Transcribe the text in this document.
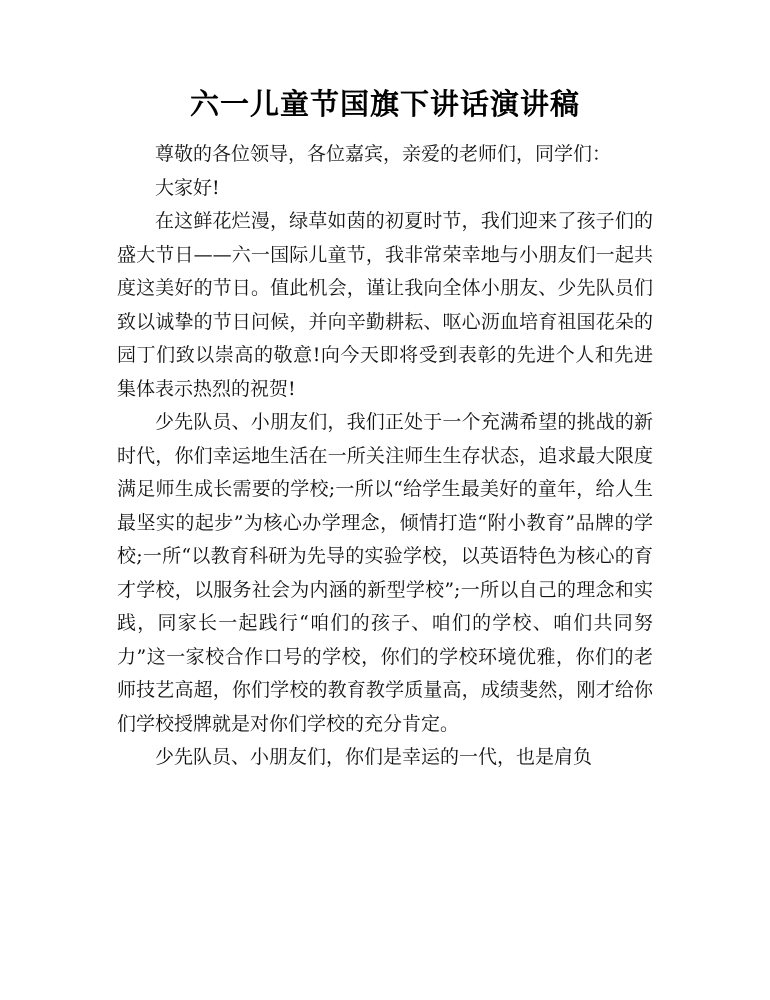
六一儿童节国旗下讲话演讲稿

尊敬的各位领导，各位嘉宾，亲爱的老师们，同学们：

大家好!

在这鲜花烂漫，绿草如茵的初夏时节，我们迎来了孩子们的盛大节日——六一国际儿童节，我非常荣幸地与小朋友们一起共度这美好的节日。值此机会，谨让我向全体小朋友、少先队员们致以诚挚的节日问候，并向辛勤耕耘、呕心沥血培育祖国花朵的园丁们致以崇高的敬意!向今天即将受到表彰的先进个人和先进集体表示热烈的祝贺!

少先队员、小朋友们，我们正处于一个充满希望的挑战的新时代，你们幸运地生活在一所关注师生生存状态，追求最大限度满足师生成长需要的学校;一所以“给学生最美好的童年，给人生最坚实的起步”为核心办学理念，倾情打造“附小教育”品牌的学校;一所“以教育科研为先导的实验学校，以英语特色为核心的育才学校，以服务社会为内涵的新型学校”;一所以自己的理念和实践，同家长一起践行“咱们的孩子、咱们的学校、咱们共同努力”这一家校合作口号的学校，你们的学校环境优雅，你们的老师技艺高超，你们学校的教育教学质量高，成绩斐然，刚才给你们学校授牌就是对你们学校的充分肯定。

少先队员、小朋友们，你们是幸运的一代，也是肩负
